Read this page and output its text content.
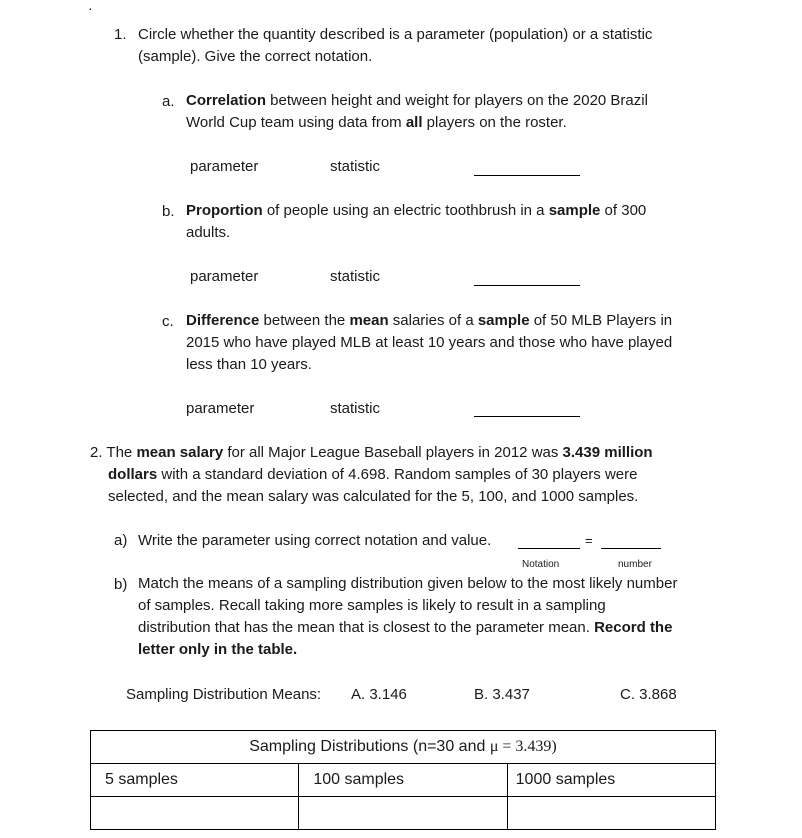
·
1. Circle whether the quantity described is a parameter (population) or a statistic
(sample). Give the correct notation.
a. Correlation between height and weight for players on the 2020 Brazil
World Cup team using data from all players on the roster.
parameter	statistic
b. Proportion of people using an electric toothbrush in a sample of 300
adults.
parameter	statistic
c. Difference between the mean salaries of a sample of 50 MLB Players in
2015 who have played MLB at least 10 years and those who have played
less than 10 years.
parameter	statistic
2. The mean salary for all Major League Baseball players in 2012 was 3.439 million
dollars with a standard deviation of 4.698. Random samples of 30 players were
selected, and the mean salary was calculated for the 5, 100, and 1000 samples.
a) Write the parameter using correct notation and value.	=
Notation	number
b) Match the means of a sampling distribution given below to the most likely number
of samples. Recall taking more samples is likely to result in a sampling
distribution that has the mean that is closest to the parameter mean. Record the
letter only in the table.
Sampling Distribution Means: A. 3.146	B. 3.437	C. 3.868
Sampling Distributions (n=30 and μ = 3.439)		
5 samples	100 samples	1000 samples
